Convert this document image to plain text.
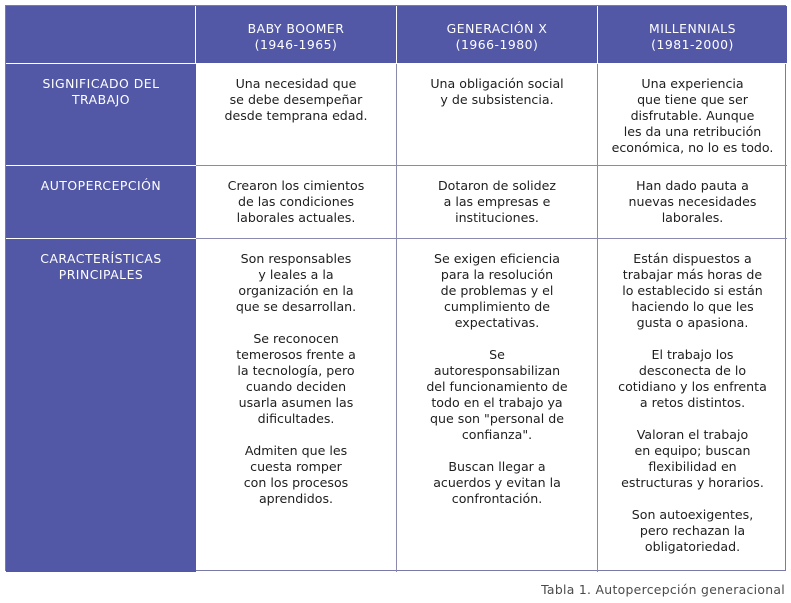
BABY BOOMER
(1946-1965)
GENERACIÓN X
(1966-1980)
MILLENNIALS
(1981-2000)
SIGNIFICADO DEL
TRABAJO
Una necesidad que
se debe desempeñar
desde temprana edad.
Una obligación social
y de subsistencia.
Una experiencia
que tiene que ser
disfrutable. Aunque
les da una retribución
económica, no lo es todo.
AUTOPERCEPCIÓN	Crearon los cimientos
de las condiciones
laborales actuales.
Dotaron de solidez
a las empresas e
instituciones.
Han dado pauta a
nuevas necesidades
laborales.
CARACTERÍSTICAS
PRINCIPALES
Son responsables
y leales a la
organización en la
que se desarrollan.
Se reconocen
temerosos frente a
la tecnología, pero
cuando deciden
usarla asumen las
dificultades.
Admiten que les
cuesta romper
con los procesos
aprendidos.
Se exigen eficiencia
para la resolución
de problemas y el
cumplimiento de
expectativas.
Se
autoresponsabilizan
del funcionamiento de
todo en el trabajo ya
que son "personal de
confianza".
Buscan llegar a
acuerdos y evitan la
confrontación.
Están dispuestos a
trabajar más horas de
lo establecido si están
haciendo lo que les
gusta o apasiona.
El trabajo los
desconecta de lo
cotidiano y los enfrenta
a retos distintos.
Valoran el trabajo
en equipo; buscan
flexibilidad en
estructuras y horarios.
Son autoexigentes,
pero rechazan la
obligatoriedad.
Tabla 1. Autopercepción generacional
